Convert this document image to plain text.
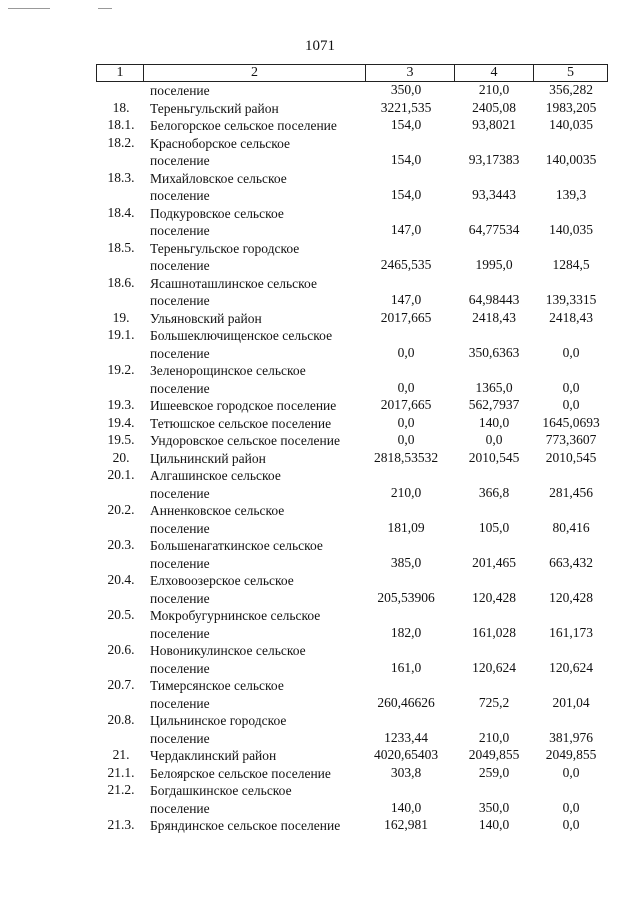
1071
1	2	3	4	5
поселение	350,0	210,0	356,282
18.	Тереньгульский район	3221,535	2405,08	1983,205
18.1.	Белогорское сельское поселение	154,0	93,8021	140,035
18.2.	Красноборское сельское
поселение	154,0	93,17383	140,0035
18.3.	Михайловское сельское
поселение	154,0	93,3443	139,3
18.4.	Подкуровское сельское
поселение	147,0	64,77534	140,035
18.5.	Тереньгульское городское
поселение	2465,535	1995,0	1284,5
18.6.	Ясашноташлинское сельское
поселение	147,0	64,98443	139,3315
19.	Ульяновский район	2017,665	2418,43	2418,43
19.1.	Большеключищенское сельское
поселение	0,0	350,6363	0,0
19.2.	Зеленорощинское сельское
поселение	0,0	1365,0	0,0
19.3.	Ишеевское городское поселение	2017,665	562,7937	0,0
19.4.	Тетюшское сельское поселение	0,0	140,0	1645,0693
19.5.	Ундоровское сельское поселение	0,0	0,0	773,3607
20.	Цильнинский район	2818,53532	2010,545	2010,545
20.1.	Алгашинское сельское
поселение	210,0	366,8	281,456
20.2.	Анненковское сельское
поселение	181,09	105,0	80,416
20.3.	Большенагаткинское сельское
поселение	385,0	201,465	663,432
20.4.	Елховоозерское сельское
поселение	205,53906	120,428	120,428
20.5.	Мокробугурнинское сельское
поселение	182,0	161,028	161,173
20.6.	Новоникулинское сельское
поселение	161,0	120,624	120,624
20.7.	Тимерсянское сельское
поселение	260,46626	725,2	201,04
20.8.	Цильнинское городское
поселение	1233,44	210,0	381,976
21.	Чердаклинский район	4020,65403	2049,855	2049,855
21.1.	Белоярское сельское поселение	303,8	259,0	0,0
21.2.	Богдашкинское сельское
поселение	140,0	350,0	0,0
21.3.	Бряндинское сельское поселение	162,981	140,0	0,0
